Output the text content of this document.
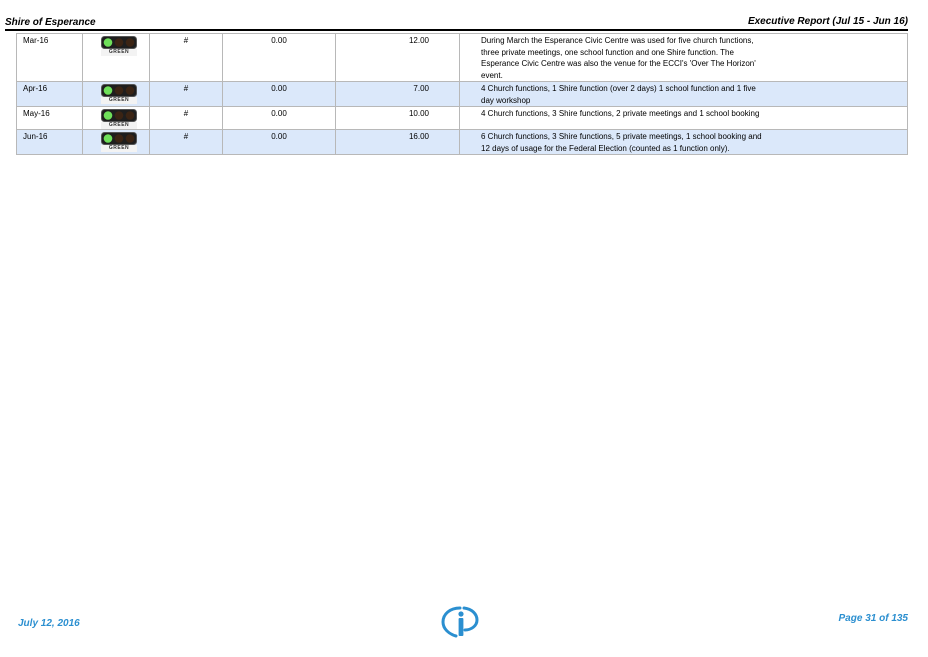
Shire of Esperance	Executive Report (Jul 15 - Jun 16)
Mar-16	GREEN	#	0.00	12.00	During March the Esperance Civic Centre was used for five church functions, three private meetings, one school function and one Shire function. The Esperance Civic Centre was also the venue for the ECCI's 'Over The Horizon' event.

Apr-16	GREEN	#	0.00	7.00	4 Church functions, 1 Shire function (over 2 days) 1 school function and 1 five day workshop

May-16	GREEN	#	0.00	10.00	4 Church functions, 3 Shire functions, 2 private meetings and 1 school booking

Jun-16	GREEN	#	0.00	16.00	6 Church functions, 3 Shire functions, 5 private meetings, 1 school booking and 12 days of usage for the Federal Election (counted as 1 function only).
July 12, 2016	Page 31 of 135
